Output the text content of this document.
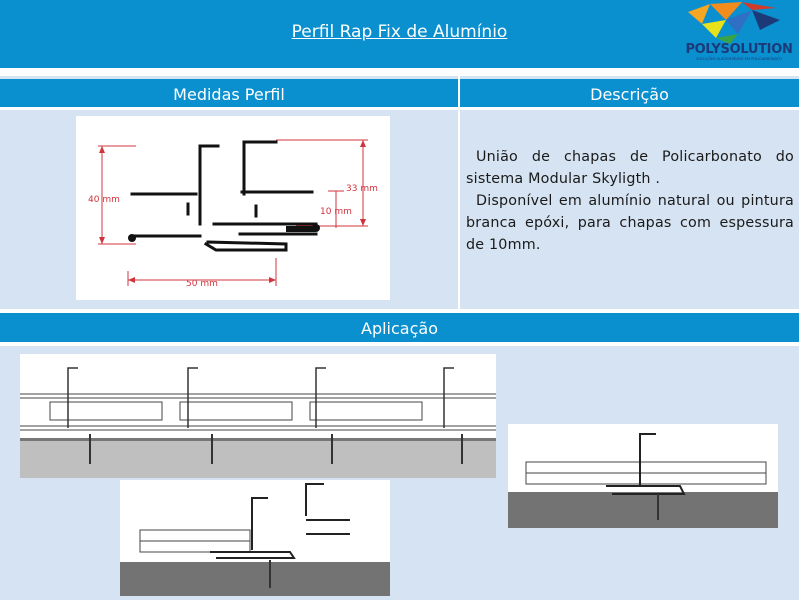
Perfil Rap Fix de Alumínio
POLYSOLUTION
SOLUÇÕES SUSTENTÁVEIS EM POLICARBONATO
Medidas Perfil	Descrição
40 mm
33 mm
10 mm
50 mm

União de chapas de Policarbonato do sistema Modular Skyligth .

Disponível em alumínio natural ou pintura branca epóxi, para chapas com espessura de 10mm.

Aplicação
